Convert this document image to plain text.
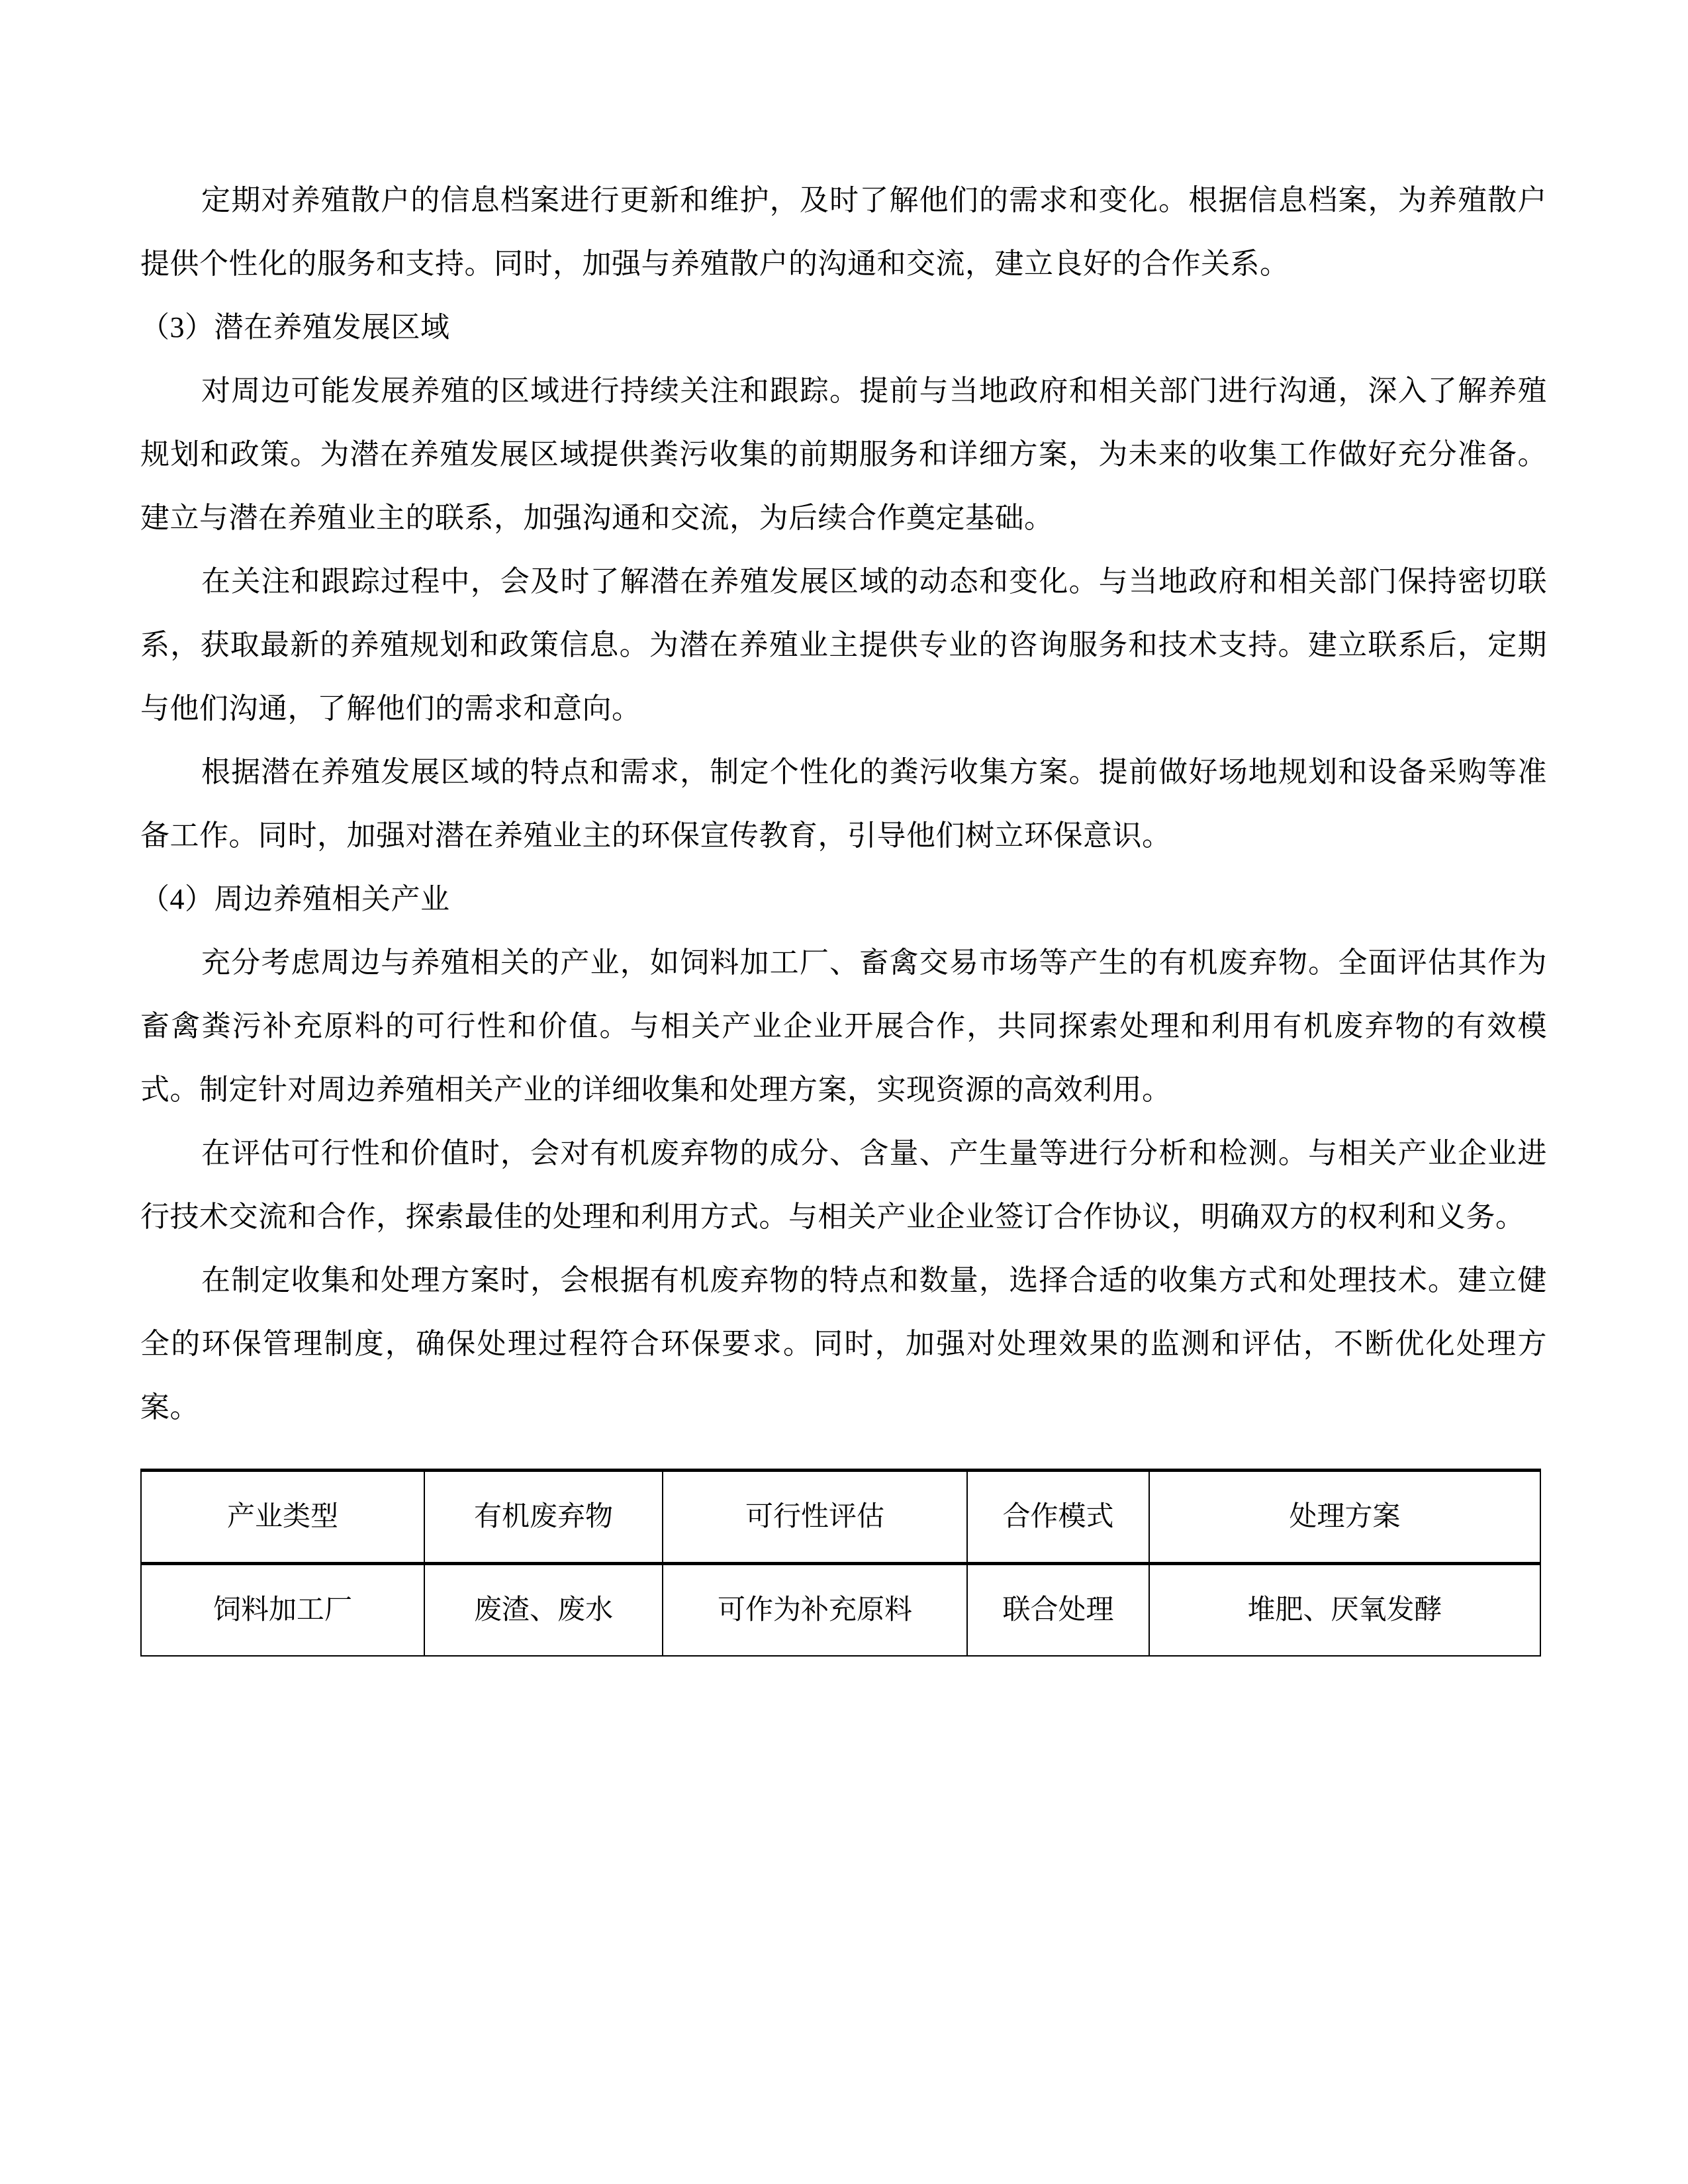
定期对养殖散户的信息档案进行更新和维护，及时了解他们的需求和变化。根据信息档案，为养殖散户提供个性化的服务和支持。同时，加强与养殖散户的沟通和交流，建立良好的合作关系。

（3）潜在养殖发展区域

对周边可能发展养殖的区域进行持续关注和跟踪。提前与当地政府和相关部门进行沟通，深入了解养殖规划和政策。为潜在养殖发展区域提供粪污收集的前期服务和详细方案，为未来的收集工作做好充分准备。建立与潜在养殖业主的联系，加强沟通和交流，为后续合作奠定基础。

在关注和跟踪过程中，会及时了解潜在养殖发展区域的动态和变化。与当地政府和相关部门保持密切联系，获取最新的养殖规划和政策信息。为潜在养殖业主提供专业的咨询服务和技术支持。建立联系后，定期与他们沟通，了解他们的需求和意向。

根据潜在养殖发展区域的特点和需求，制定个性化的粪污收集方案。提前做好场地规划和设备采购等准备工作。同时，加强对潜在养殖业主的环保宣传教育，引导他们树立环保意识。

（4）周边养殖相关产业

充分考虑周边与养殖相关的产业，如饲料加工厂、畜禽交易市场等产生的有机废弃物。全面评估其作为畜禽粪污补充原料的可行性和价值。与相关产业企业开展合作，共同探索处理和利用有机废弃物的有效模式。制定针对周边养殖相关产业的详细收集和处理方案，实现资源的高效利用。

在评估可行性和价值时，会对有机废弃物的成分、含量、产生量等进行分析和检测。与相关产业企业进行技术交流和合作，探索最佳的处理和利用方式。与相关产业企业签订合作协议，明确双方的权利和义务。

在制定收集和处理方案时，会根据有机废弃物的特点和数量，选择合适的收集方式和处理技术。建立健全的环保管理制度，确保处理过程符合环保要求。同时，加强对处理效果的监测和评估，不断优化处理方案。

产业类型	有机废弃物	可行性评估	合作模式	处理方案
饲料加工厂	废渣、废水	可作为补充原料	联合处理	堆肥、厌氧发酵
